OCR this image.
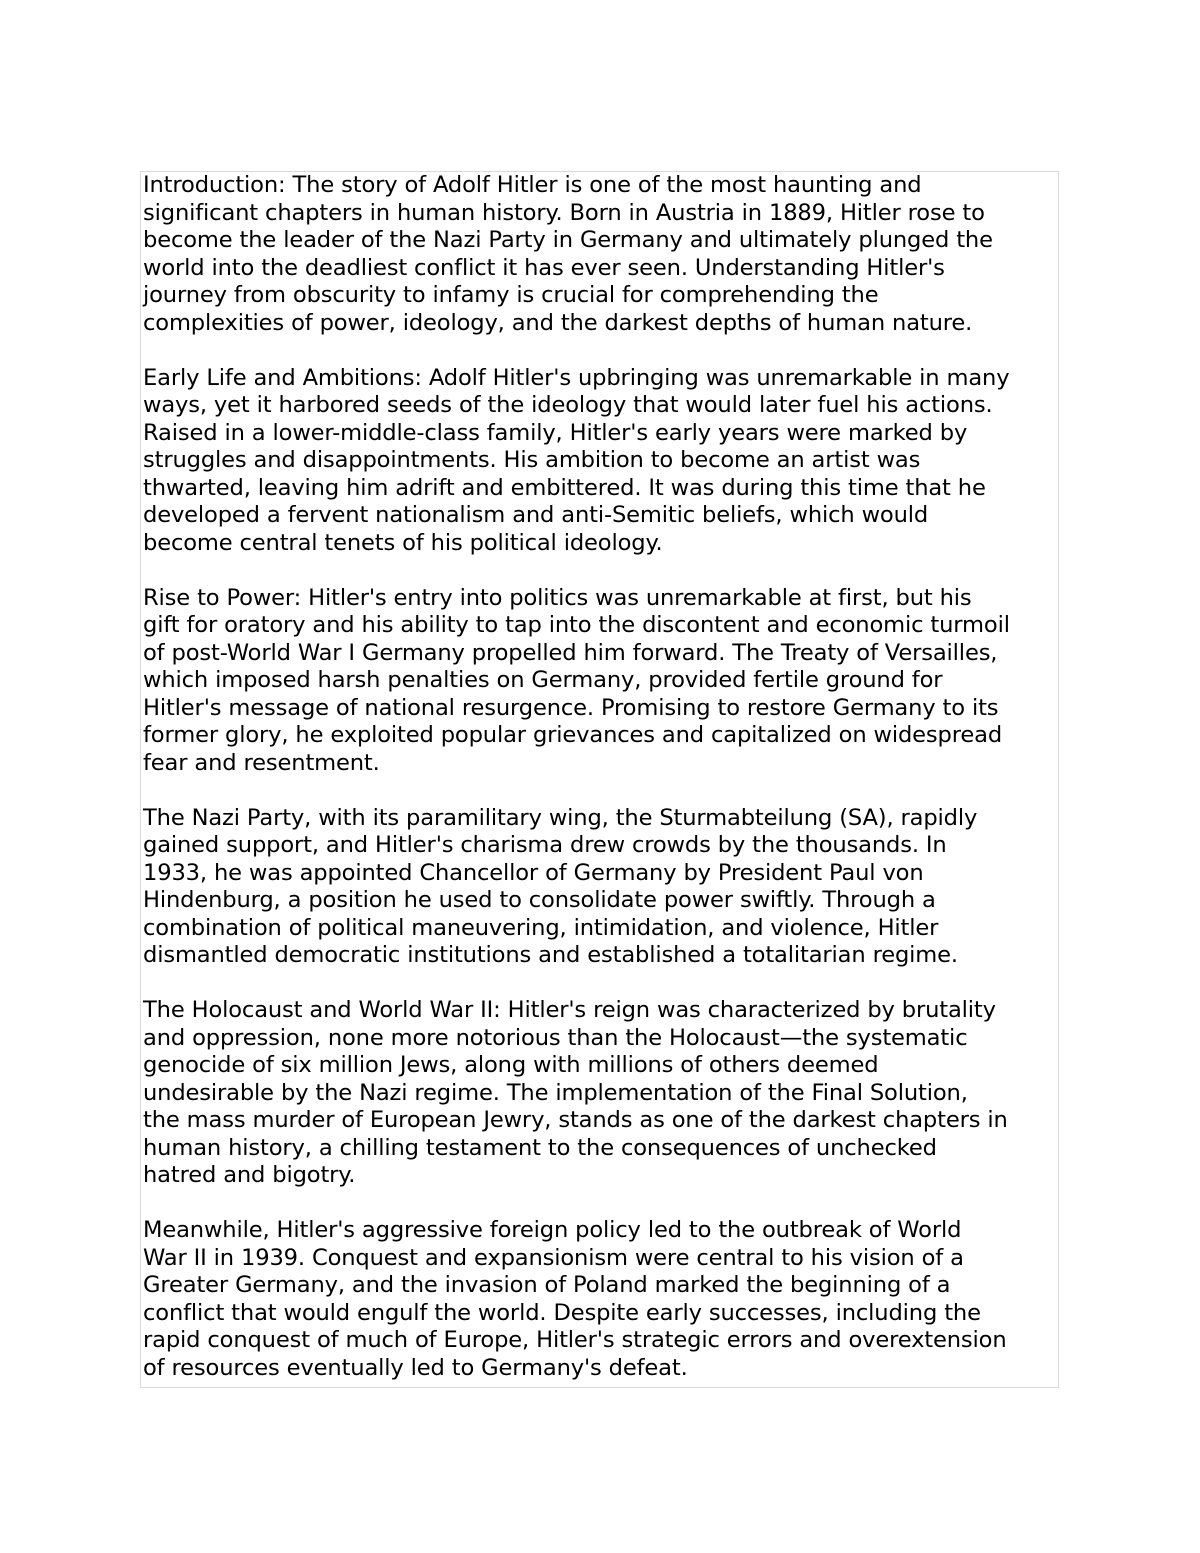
Introduction: The story of Adolf Hitler is one of the most haunting and
significant chapters in human history. Born in Austria in 1889, Hitler rose to
become the leader of the Nazi Party in Germany and ultimately plunged the
world into the deadliest conflict it has ever seen. Understanding Hitler's
journey from obscurity to infamy is crucial for comprehending the
complexities of power, ideology, and the darkest depths of human nature.

Early Life and Ambitions: Adolf Hitler's upbringing was unremarkable in many
ways, yet it harbored seeds of the ideology that would later fuel his actions.
Raised in a lower-middle-class family, Hitler's early years were marked by
struggles and disappointments. His ambition to become an artist was
thwarted, leaving him adrift and embittered. It was during this time that he
developed a fervent nationalism and anti-Semitic beliefs, which would
become central tenets of his political ideology.

Rise to Power: Hitler's entry into politics was unremarkable at first, but his
gift for oratory and his ability to tap into the discontent and economic turmoil
of post-World War I Germany propelled him forward. The Treaty of Versailles,
which imposed harsh penalties on Germany, provided fertile ground for
Hitler's message of national resurgence. Promising to restore Germany to its
former glory, he exploited popular grievances and capitalized on widespread
fear and resentment.

The Nazi Party, with its paramilitary wing, the Sturmabteilung (SA), rapidly
gained support, and Hitler's charisma drew crowds by the thousands. In
1933, he was appointed Chancellor of Germany by President Paul von
Hindenburg, a position he used to consolidate power swiftly. Through a
combination of political maneuvering, intimidation, and violence, Hitler
dismantled democratic institutions and established a totalitarian regime.

The Holocaust and World War II: Hitler's reign was characterized by brutality
and oppression, none more notorious than the Holocaust—the systematic
genocide of six million Jews, along with millions of others deemed
undesirable by the Nazi regime. The implementation of the Final Solution,
the mass murder of European Jewry, stands as one of the darkest chapters in
human history, a chilling testament to the consequences of unchecked
hatred and bigotry.

Meanwhile, Hitler's aggressive foreign policy led to the outbreak of World
War II in 1939. Conquest and expansionism were central to his vision of a
Greater Germany, and the invasion of Poland marked the beginning of a
conflict that would engulf the world. Despite early successes, including the
rapid conquest of much of Europe, Hitler's strategic errors and overextension
of resources eventually led to Germany's defeat.
